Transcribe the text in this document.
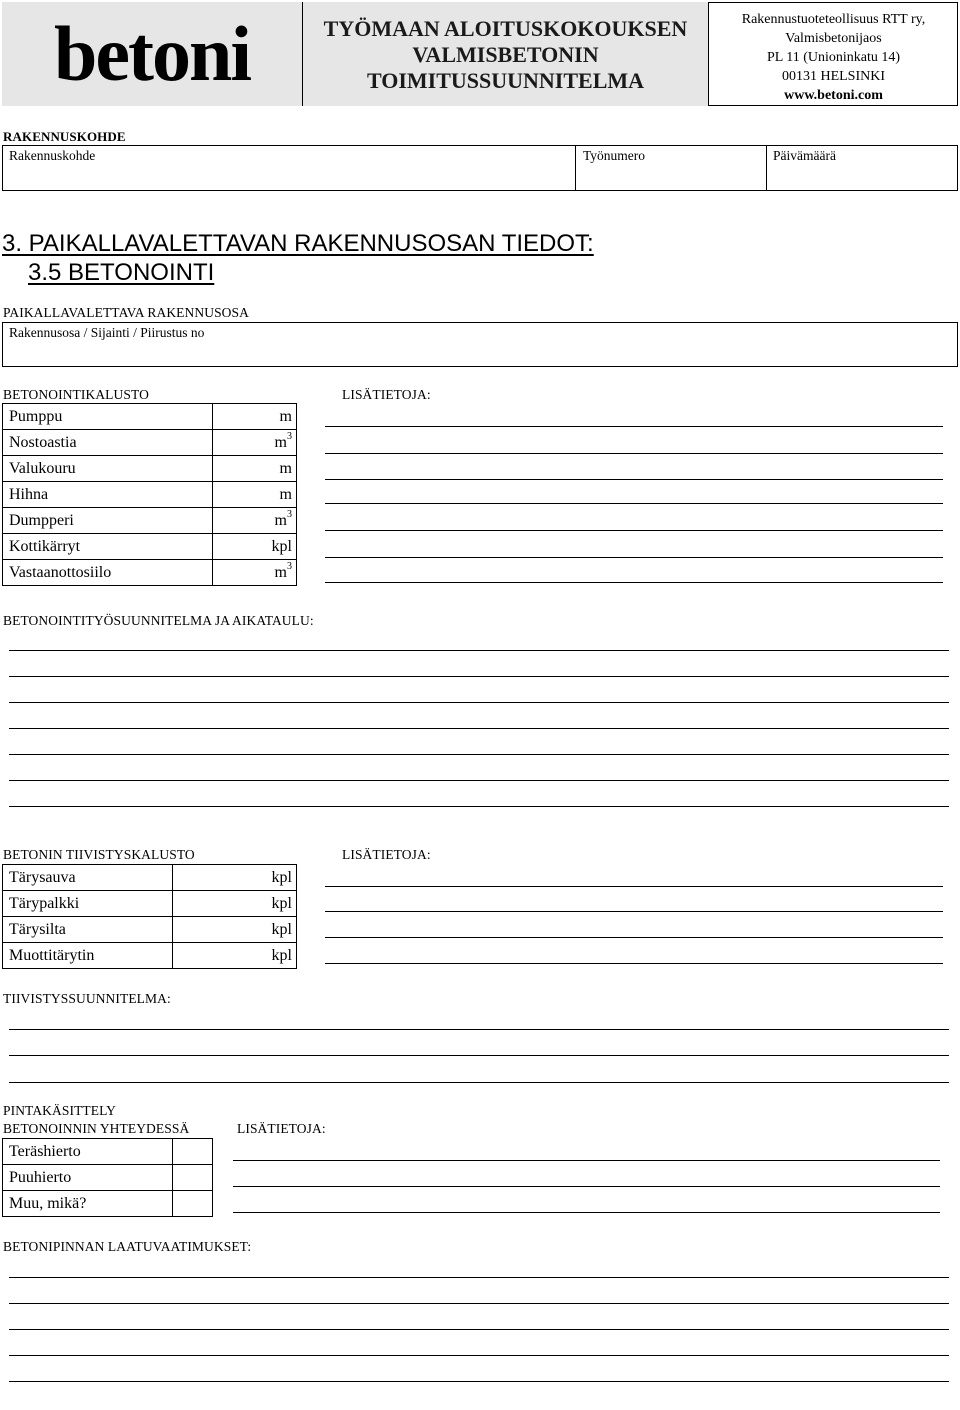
betoni	TYÖMAAN ALOITUSKOKOUKSEN
VALMISBETONIN
TOIMITUSSUUNNITELMA
Rakennustuoteteollisuus RTT ry,
Valmisbetonijaos
PL 11 (Unioninkatu 14)
00131 HELSINKI
www.betoni.com
RAKENNUSKOHDE
Rakennuskohde	Työnumero	Päivämäärä
3. PAIKALLAVALETTAVAN RAKENNUSOSAN TIEDOT:
3.5 BETONOINTI
PAIKALLAVALETTAVA RAKENNUSOSA
Rakennusosa / Sijainti / Piirustus no
BETONOINTIKALUSTO	LISÄTIETOJA:
Pumppu	m
Nostoastia	$m^3$
Valukouru	m
Hihna	m
Dumpperi	$m^3$
Kottikärryt	kpl
Vastaanottosiilo	$m^3$
BETONOINTITYÖSUUNNITELMA JA AIKATAULU:
BETONIN TIIVISTYSKALUSTO	LISÄTIETOJA:
Tärysauva	kpl
Tärypalkki	kpl
Tärysilta	kpl
Muottitärytin	kpl
TIIVISTYSSUUNNITELMA:
PINTAKÄSITTELY
BETONOINNIN YHTEYDESSÄ	LISÄTIETOJA:
Teräshierto	
Puuhierto	
Muu, mikä?	
BETONIPINNAN LAATUVAATIMUKSET:
